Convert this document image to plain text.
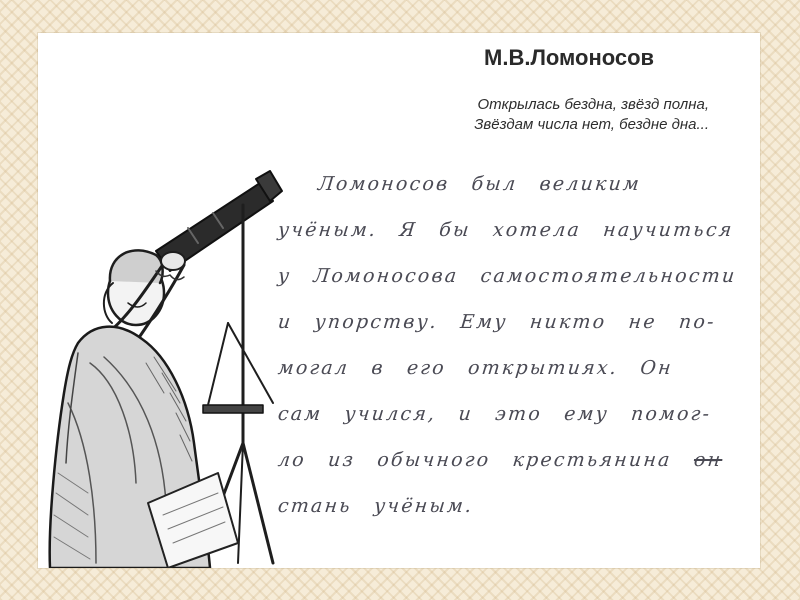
М.В.Ломоносов
Открылась бездна, звёзд полна,
Звёздам числа нет, бездне дна...
Ломоносов был великим
учёным. Я бы хотела научиться
у Ломоносова самостоятельности
и упорству. Ему никто не по-
могал в его открытиях. Он
сам учился, и это ему помог-
ло из обычного крестьянина он
стань учёным.
